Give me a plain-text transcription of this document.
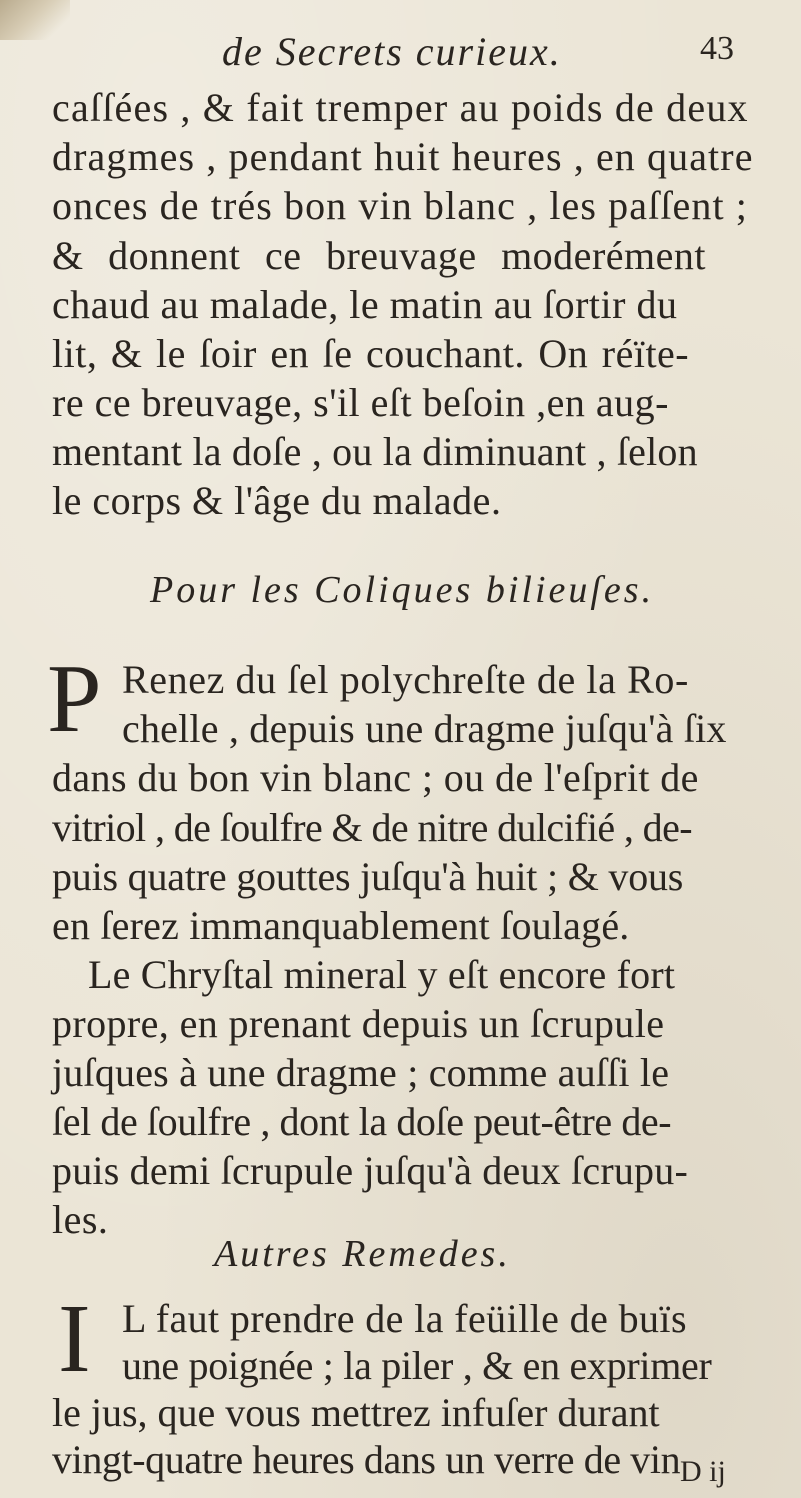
de Secrets curieux.	43
caſſées , & fait tremper au poids de deux
dragmes , pendant huit heures , en quatre
onces de trés bon vin blanc , les paſſent ;
& donnent ce breuvage moderément
chaud au malade, le matin au ſortir du
lit, & le ſoir en ſe couchant. On réïte-
re ce breuvage, s'il eſt beſoin ,en aug-
mentant la doſe , ou la diminuant , ſelon
le corps & l'âge du malade.
Pour les Coliques bilieuſes.
P Renez du ſel polychreſte de la Ro-
chelle , depuis une dragme juſqu'à ſix
dans du bon vin blanc ; ou de l'eſprit de
vitriol , de ſoulfre & de nitre dulcifié , de-
puis quatre gouttes juſqu'à huit ; & vous
en ſerez immanquablement ſoulagé.
Le Chryſtal mineral y eſt encore fort
propre, en prenant depuis un ſcrupule
juſques à une dragme ; comme auſſi le
ſel de ſoulfre , dont la doſe peut-être de-
puis demi ſcrupule juſqu'à deux ſcrupu-
les.
Autres Remedes.
I L faut prendre de la feüille de buïs
une poignée ; la piler , & en exprimer
le jus, que vous mettrez infuſer durant
vingt-quatre heures dans un verre de vin D ij
